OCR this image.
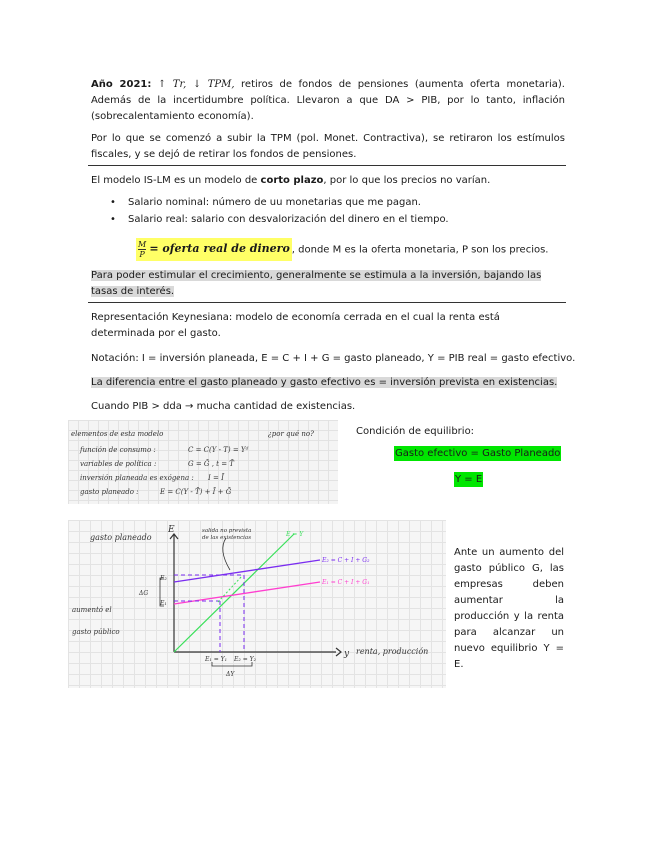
Año 2021: ↑ Tr, ↓ TPM, retiros de fondos de pensiones (aumenta oferta monetaria). Además de la incertidumbre política. Llevaron a que DA > PIB, por lo tanto, inflación (sobrecalentamiento economía).
Por lo que se comenzó a subir la TPM (pol. Monet. Contractiva), se retiraron los estímulos fiscales, y se dejó de retirar los fondos de pensiones.
El modelo IS-LM es un modelo de corto plazo, por lo que los precios no varían.
• Salario nominal: número de uu monetarias que me pagan.
• Salario real: salario con desvalorización del dinero en el tiempo.
$\frac{M}{P}$ = oferta real de dinero , donde M es la oferta monetaria, P son los precios.
Para poder estimular el crecimiento, generalmente se estimula a la inversión, bajando las tasas de interés.
Representación Keynesiana: modelo de economía cerrada en el cual la renta está determinada por el gasto.
Notación: I = inversión planeada, E = C + I + G = gasto planeado, Y = PIB real = gasto efectivo.
La diferencia entre el gasto planeado y gasto efectivo es = inversión prevista en existencias.
Cuando PIB > dda → mucha cantidad de existencias.
elementos de esta modelo	¿por qué no?
función de consumo :	C = C(Y - T) = Yᵈ
variables de política :	G = Ḡ , t = T̄
inversión planeada es exógena : I = Ī
gasto planeado :	E = C(Y - T̄) + Ī + Ḡ
Condición de equilibrio:
Gasto efectivo = Gasto Planeado
Y = E
gasto planeado
E
y renta, producción
salida no prevista
de las existencias	E = Y
E₂ = C + I + G₂
E₁ = C + I + G₁
E₂
E₁
ΔG
aumentó el
gasto público
E₁ = Y₁ E₂ = Y₂
ΔY
Ante un aumento del gasto público G, las empresas deben aumentar la producción y la renta para alcanzar un nuevo equilibrio Y = E.
